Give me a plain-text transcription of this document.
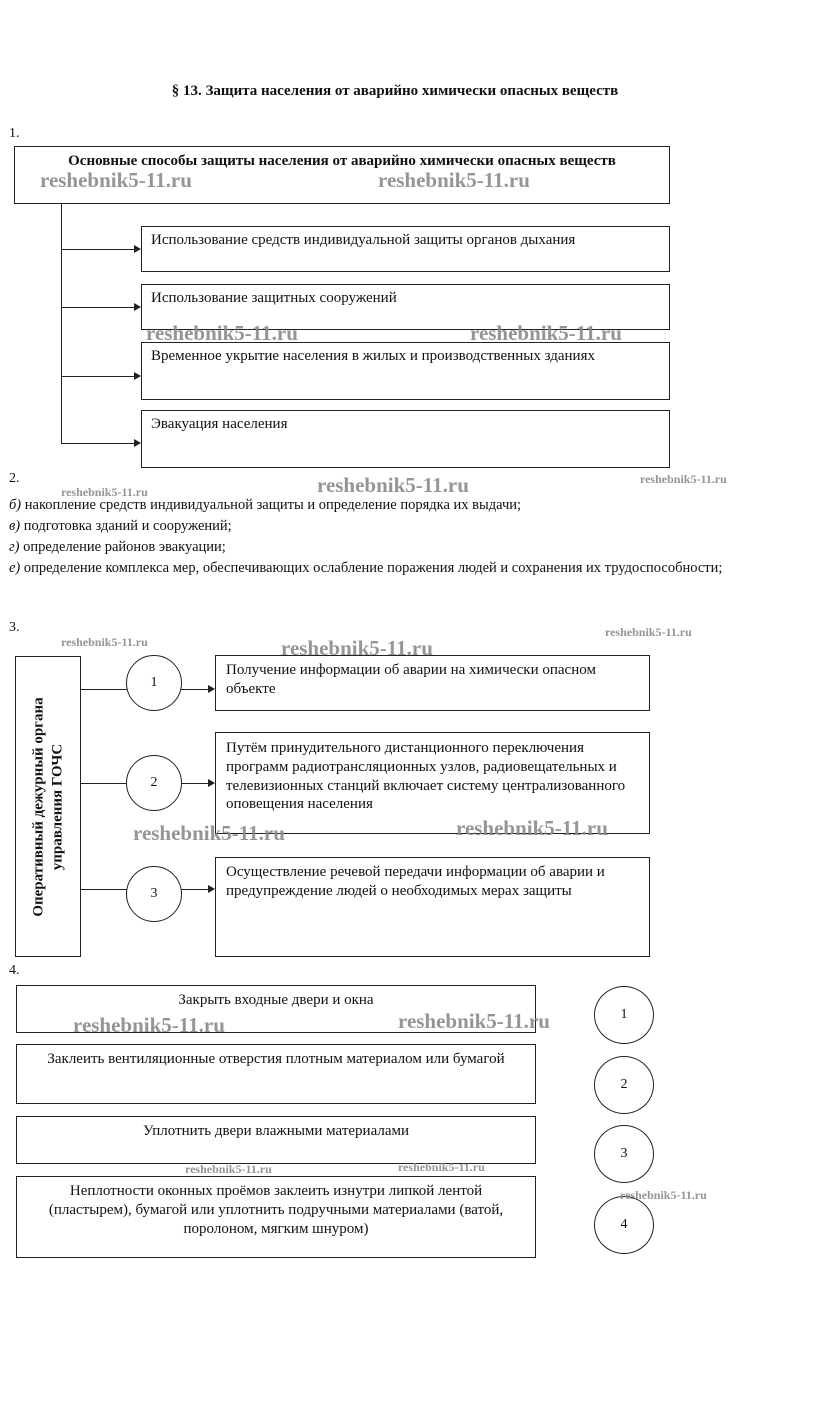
§ 13. Защита населения от аварийно химически опасных веществ
1.
Основные способы защиты населения от аварийно химически опасных веществ
Использование средств индивидуальной защиты органов дыхания
Использование защитных сооружений
Временное укрытие населения в жилых и производственных зданиях
Эвакуация населения
2.
б) накопление средств индивидуальной защиты и определение порядка их выдачи;
в) подготовка зданий и сооружений;
г) определение районов эвакуации;
е) определение комплекса мер, обеспечивающих ослабление поражения людей и сохранения их трудоспособности;
3.
Оперативный дежурный органа управления ГОЧС
1
Получение информации об аварии на химически опасном объекте
2
Путём принудительного дистанционного переключения программ радиотрансляционных узлов, радиовещательных и телевизионных станций включает систему централизованного оповещения населения
3
Осуществление речевой передачи информации об аварии и предупреждение людей о необходимых мерах защиты
4.
Закрыть входные двери и окна
1
Заклеить вентиляционные отверстия плотным материалом или бумагой
2
Уплотнить двери влажными материалами
3
Неплотности оконных проёмов заклеить изнутри липкой лентой (пластырем), бумагой или уплотнить подручными материалами (ватой, поролоном, мягким шнуром)	4
reshebnik5-11.ru	reshebnik5-11.ru
reshebnik5-11.ru	reshebnik5-11.ru
reshebnik5-11.ru	reshebnik5-11.ru
reshebnik5-11.ru
reshebnik5-11.ru
reshebnik5-11.ru
reshebnik5-11.ru
reshebnik5-11.ru	reshebnik5-11.ru
reshebnik5-11.ru	reshebnik5-11.ru
reshebnik5-11.ru	reshebnik5-11.ru
reshebnik5-11.ru
